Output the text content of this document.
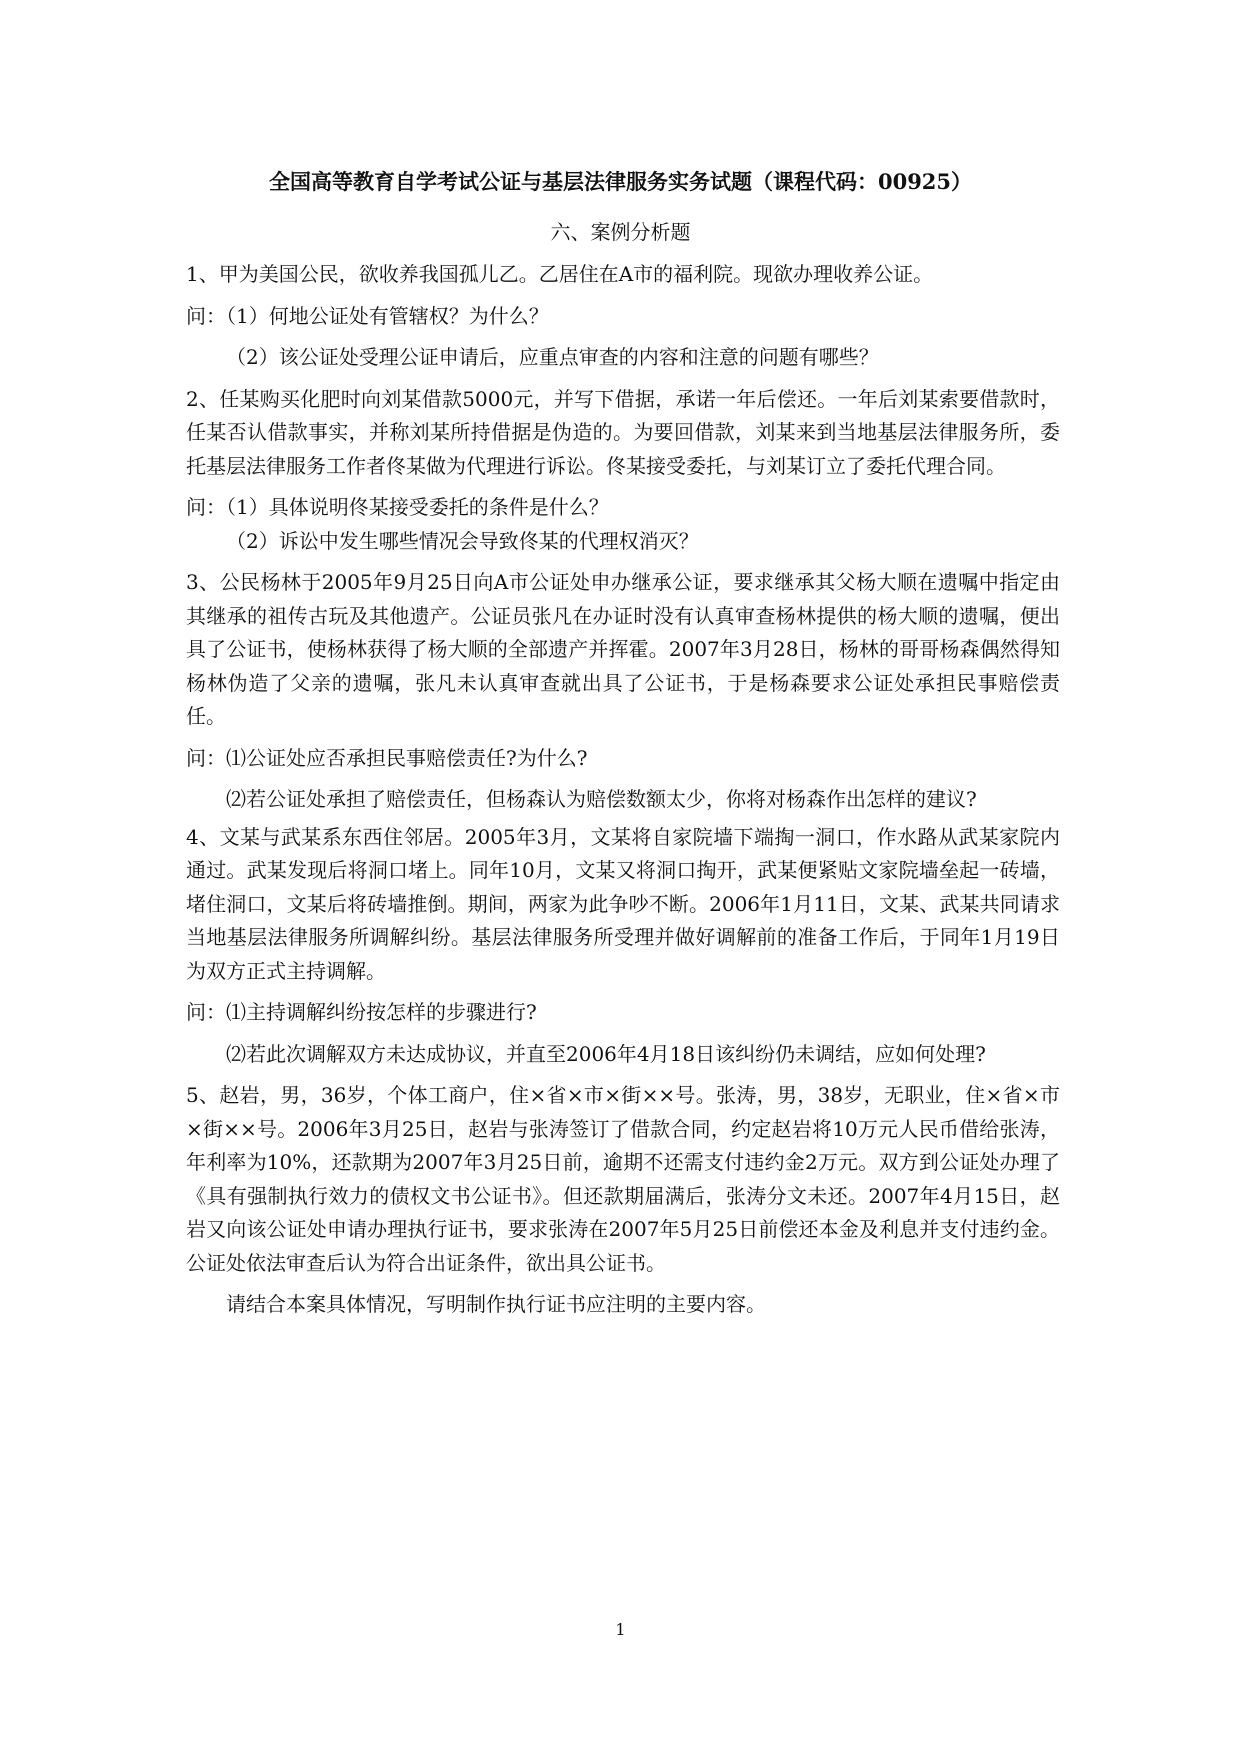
全国高等教育自学考试公证与基层法律服务实务试题（课程代码：00925）
六、案例分析题

1、甲为美国公民，欲收养我国孤儿乙。乙居住在A市的福利院。现欲办理收养公证。

问：（1）何地公证处有管辖权？为什么？

（2）该公证处受理公证申请后，应重点审查的内容和注意的问题有哪些？

2、任某购买化肥时向刘某借款5000元，并写下借据，承诺一年后偿还。一年后刘某索要借款时，任某否认借款事实，并称刘某所持借据是伪造的。为要回借款，刘某来到当地基层法律服务所，委托基层法律服务工作者佟某做为代理进行诉讼。佟某接受委托，与刘某订立了委托代理合同。

问：（1）具体说明佟某接受委托的条件是什么？

（2）诉讼中发生哪些情况会导致佟某的代理权消灭？

3、公民杨林于2005年9月25日向A市公证处申办继承公证，要求继承其父杨大顺在遗嘱中指定由其继承的祖传古玩及其他遗产。公证员张凡在办证时没有认真审查杨林提供的杨大顺的遗嘱，便出具了公证书，使杨林获得了杨大顺的全部遗产并挥霍。2007年3月28日，杨林的哥哥杨森偶然得知杨林伪造了父亲的遗嘱，张凡未认真审查就出具了公证书，于是杨森要求公证处承担民事赔偿责任。

问：⑴公证处应否承担民事赔偿责任?为什么?

⑵若公证处承担了赔偿责任，但杨森认为赔偿数额太少，你将对杨森作出怎样的建议?

4、文某与武某系东西住邻居。2005年3月，文某将自家院墙下端掏一洞口，作水路从武某家院内通过。武某发现后将洞口堵上。同年10月，文某又将洞口掏开，武某便紧贴文家院墙垒起一砖墙，堵住洞口，文某后将砖墙推倒。期间，两家为此争吵不断。2006年1月11日，文某、武某共同请求当地基层法律服务所调解纠纷。基层法律服务所受理并做好调解前的准备工作后，于同年1月19日为双方正式主持调解。

问：⑴主持调解纠纷按怎样的步骤进行?

⑵若此次调解双方未达成协议，并直至2006年4月18日该纠纷仍未调结，应如何处理?

5、赵岩，男，36岁，个体工商户，住×省×市×街××号。张涛，男，38岁，无职业，住×省×市×街××号。2006年3月25日，赵岩与张涛签订了借款合同，约定赵岩将10万元人民币借给张涛，年利率为10%，还款期为2007年3月25日前，逾期不还需支付违约金2万元。双方到公证处办理了《具有强制执行效力的债权文书公证书》。但还款期届满后，张涛分文未还。2007年4月15日，赵岩又向该公证处申请办理执行证书，要求张涛在2007年5月25日前偿还本金及利息并支付违约金。公证处依法审查后认为符合出证条件，欲出具公证书。

请结合本案具体情况，写明制作执行证书应注明的主要内容。

1
